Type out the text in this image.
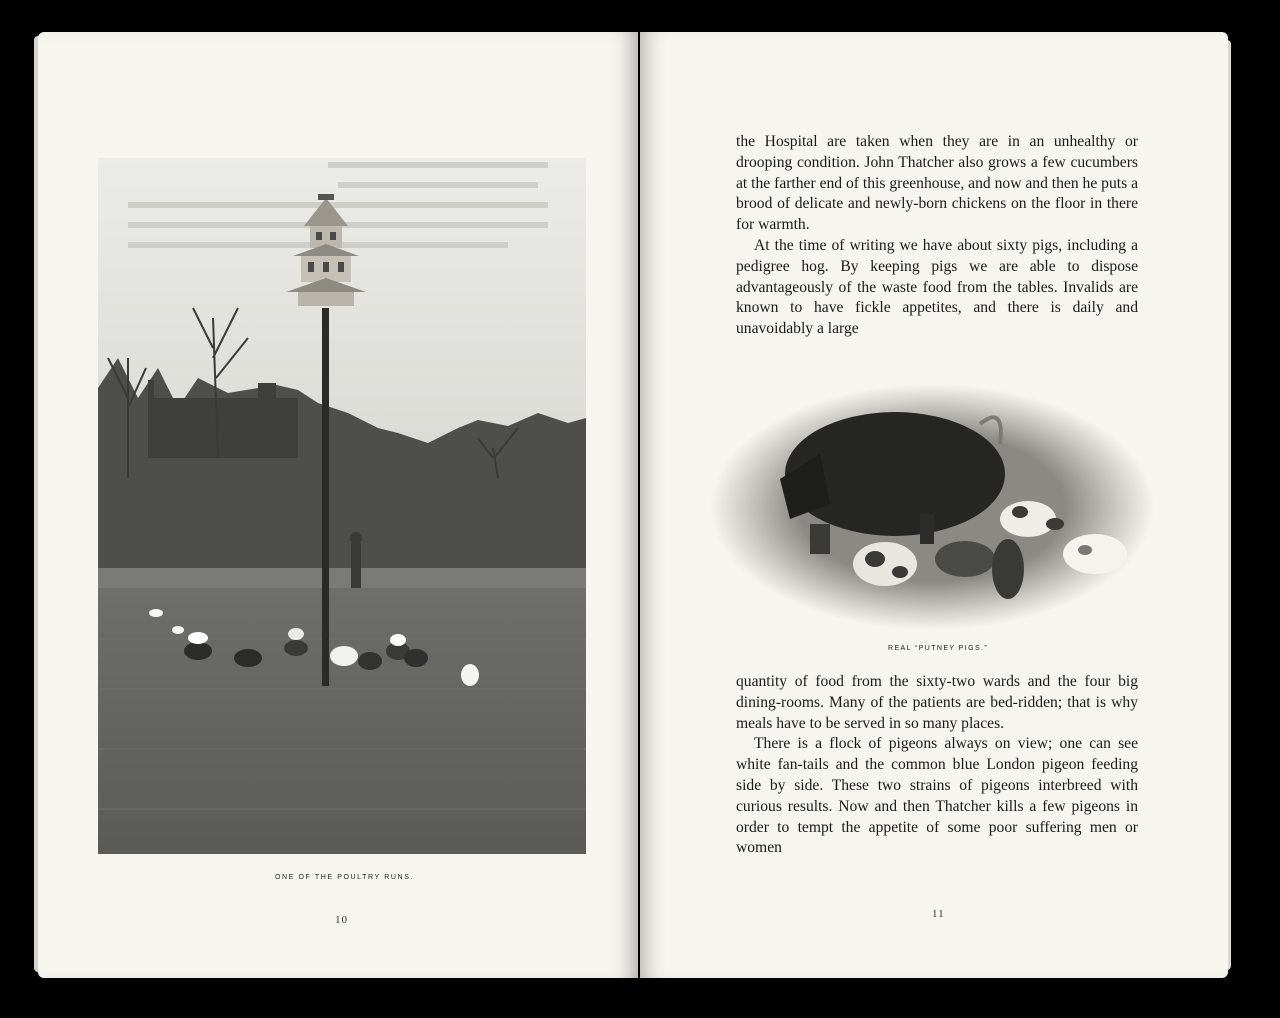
ONE OF THE POULTRY RUNS.
10

the Hospital are taken when they are in an unhealthy or drooping condition. John Thatcher also grows a few cucumbers at the farther end of this greenhouse, and now and then he puts a brood of delicate and newly-born chickens on the floor in there for warmth.

At the time of writing we have about sixty pigs, including a pedigree hog. By keeping pigs we are able to dispose advantageously of the waste food from the tables. Invalids are known to have fickle appetites, and there is daily and unavoidably a large

REAL “PUTNEY PIGS.”

quantity of food from the sixty-two wards and the four big dining-rooms. Many of the patients are bed-ridden; that is why meals have to be served in so many places.

There is a flock of pigeons always on view; one can see white fan-tails and the common blue London pigeon feeding side by side. These two strains of pigeons interbreed with curious results. Now and then Thatcher kills a few pigeons in order to tempt the appetite of some poor suffering men or women

11
